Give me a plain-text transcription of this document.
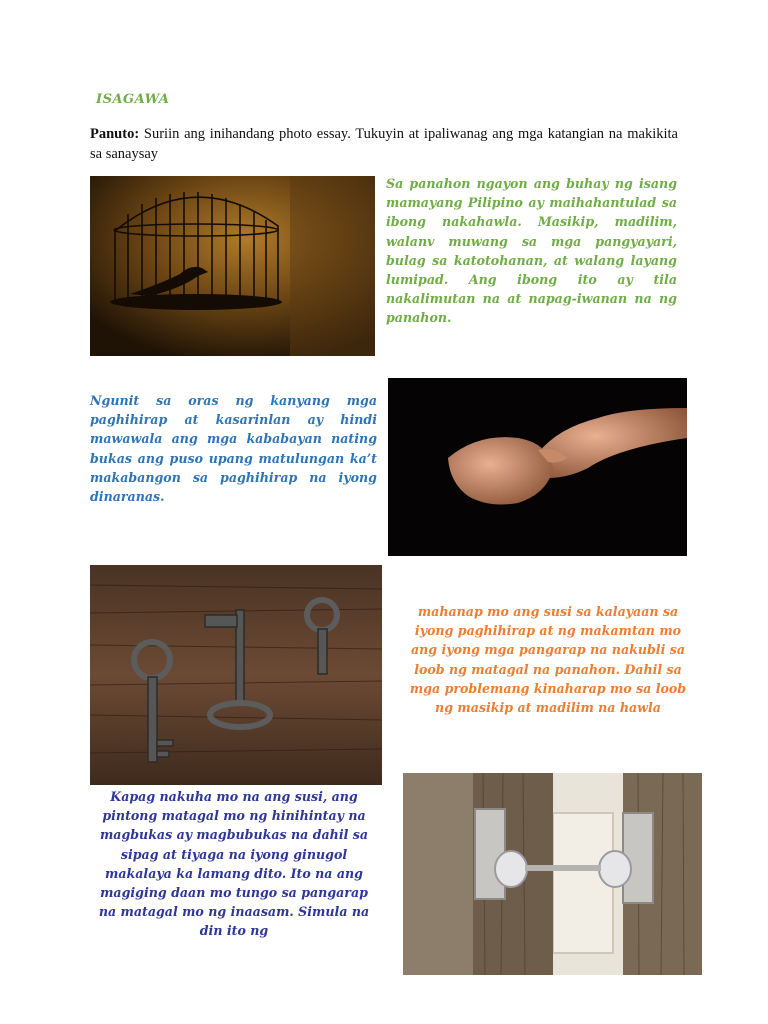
ISAGAWA
Panuto: Suriin ang inihandang photo essay. Tukuyin at ipaliwanag ang mga katangian na makikita sa sanaysay
Sa panahon ngayon ang buhay ng isang mamayang Pilipino ay maihahantulad sa ibong nakahawla. Masikip, madilim, walanv muwang sa mga pangyayari, bulag sa katotohanan, at walang layang lumipad. Ang ibong ito ay tila nakalimutan na at napag-iwanan na ng panahon.
Ngunit sa oras ng kanyang mga paghihirap at kasarinlan ay hindi mawawala ang mga kababayan nating bukas ang puso upang matulungan ka’t makabangon sa paghihirap na iyong dinaranas.
mahanap mo ang susi sa kalayaan sa iyong paghihirap at ng makamtan mo ang iyong mga pangarap na nakubli sa loob ng matagal na panahon. Dahil sa mga problemang kinaharap mo sa loob ng masikip at madilim na hawla
Kapag nakuha mo na ang susi, ang pintong matagal mo ng hinihintay na magbukas ay magbubukas na dahil sa sipag at tiyaga na iyong ginugol makalaya ka lamang dito. Ito na ang magiging daan mo tungo sa pangarap na matagal mo ng inaasam. Simula na din ito ng
